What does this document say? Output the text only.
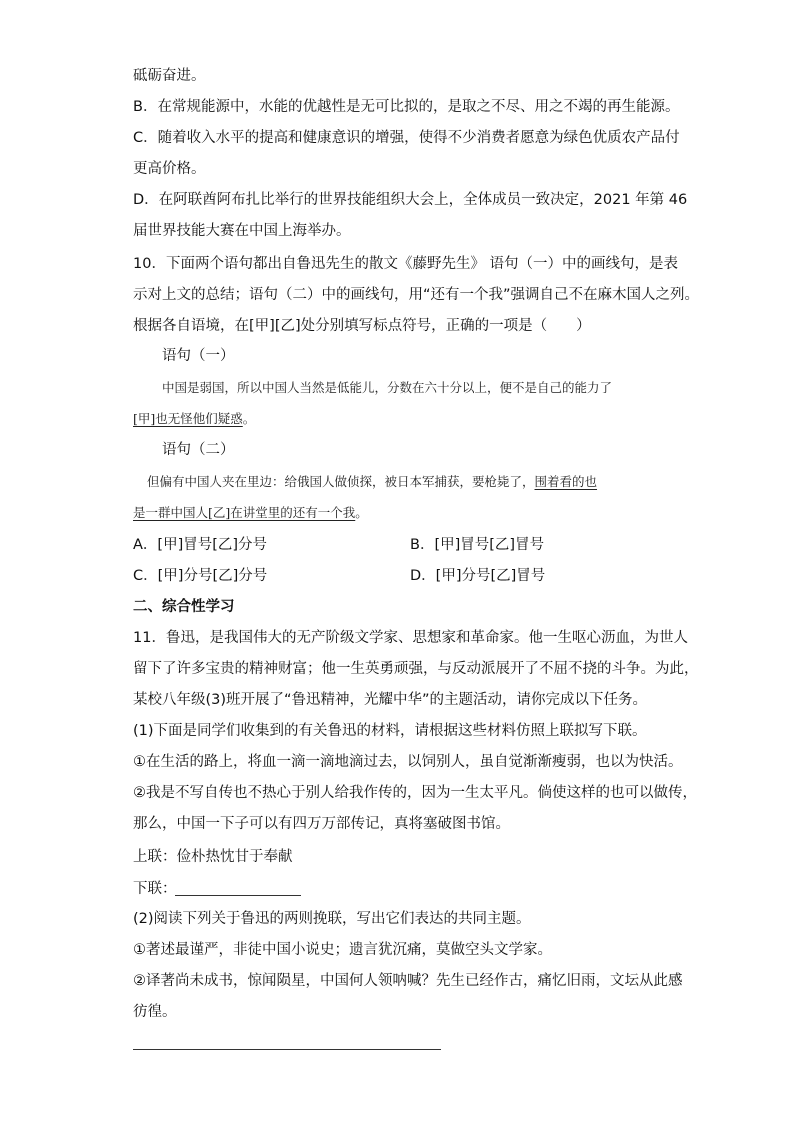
砥砺奋进。
B．在常规能源中，水能的优越性是无可比拟的，是取之不尽、用之不竭的再生能源。
C．随着收入水平的提高和健康意识的增强，使得不少消费者愿意为绿色优质农产品付
更高价格。
D．在阿联酋阿布扎比举行的世界技能组织大会上，全体成员一致决定，2021 年第 46
届世界技能大赛在中国上海举办。
10．下面两个语句都出自鲁迅先生的散文《藤野先生》 语句（一）中的画线句，是表
示对上文的总结；语句（二）中的画线句，用“还有一个我”强调自己不在麻木国人之列。
根据各自语境，在[甲][乙]处分别填写标点符号，正确的一项是（　　）
语句（一）
中国是弱国，所以中国人当然是低能儿，分数在六十分以上，便不是自己的能力了
[甲]也无怪他们疑惑。
语句（二）
但偏有中国人夹在里边：给俄国人做侦探，被日本军捕获，要枪毙了，围着看的也
是一群中国人[乙]在讲堂里的还有一个我。
A．[甲]冒号[乙]分号	B．[甲]冒号[乙]冒号
C．[甲]分号[乙]分号	D．[甲]分号[乙]冒号
二、综合性学习
11．鲁迅，是我国伟大的无产阶级文学家、思想家和革命家。他一生呕心沥血，为世人
留下了许多宝贵的精神财富；他一生英勇顽强，与反动派展开了不屈不挠的斗争。为此，
某校八年级(3)班开展了“鲁迅精神，光耀中华”的主题活动，请你完成以下任务。
(1)下面是同学们收集到的有关鲁迅的材料，请根据这些材料仿照上联拟写下联。
①在生活的路上，将血一滴一滴地滴过去，以饲别人，虽自觉渐渐瘦弱，也以为快活。
②我是不写自传也不热心于别人给我作传的，因为一生太平凡。倘使这样的也可以做传，
那么，中国一下子可以有四万万部传记，真将塞破图书馆。
上联：俭朴热忱甘于奉献
下联：
(2)阅读下列关于鲁迅的两则挽联，写出它们表达的共同主题。
①著述最谨严，非徒中国小说史；遗言犹沉痛，莫做空头文学家。
②译著尚未成书，惊闻陨星，中国何人领呐喊？先生已经作古，痛忆旧雨，文坛从此感
彷徨。
